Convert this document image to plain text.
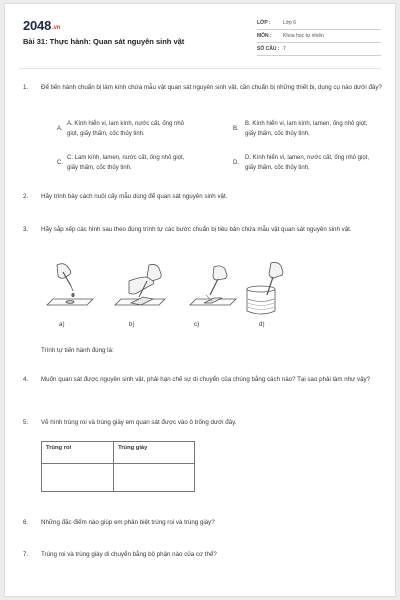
2048.vn
Bài 31: Thực hành: Quan sát nguyên sinh vật
LỚP :	Lớp 6
MÔN :	Khoa học tự nhiên
SỐ CÂU : 7
1. Để tiến hành chuẩn bị làm kính chứa mẫu vật quan sát nguyên sinh vật, cần chuẩn bị những thiết bị, dụng cụ nào dưới đây?
A.
A. Kính hiển vi, lam kính, nước cất, ống nhỏ giọt, giấy thấm, cốc thủy tinh.
B.
B. Kính hiển vi, lam kính, lamen, ống nhỏ giọt, giấy thấm, cốc thủy tinh.
C.
C. Lam kính, lamen, nước cất, ống nhỏ giọt, giấy thấm, cốc thủy tinh.
D.
D. Kính hiển vi, lamen, nước cất, ống nhỏ giọt, giấy thấm, cốc thủy tinh.
2. Hãy trình bày cách nuôi cấy mẫu dùng để quan sát nguyên sinh vật.
3. Hãy sắp xếp các hình sau theo đúng trình tự các bước chuẩn bị tiêu bản chứa mẫu vật quan sát nguyên sinh vật.
a)	b)	c)	d)
Trình tự tiến hành đúng là:
4. Muốn quan sát được nguyên sinh vật, phải hạn chế sự di chuyển của chúng bằng cách nào? Tại sao phải làm như vậy?
5. Vẽ hình trùng roi và trùng giày em quan sát được vào ô trống dưới đây.
Trùng roi	Trùng giày

6. Những đặc điểm nào giúp em phân biệt trùng roi và trùng giày?
7. Trùng roi và trùng giày di chuyển bằng bộ phận nào của cơ thể?
